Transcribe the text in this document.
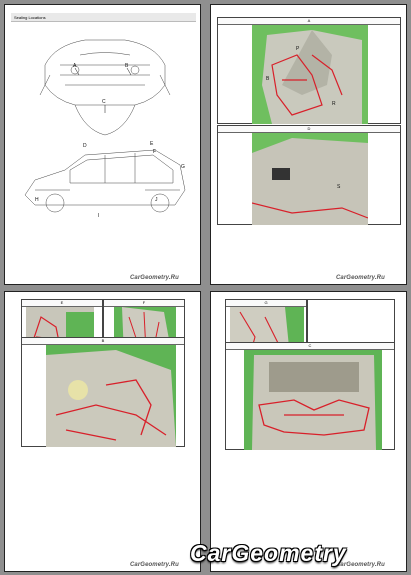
Sealing Locations
A	B
C
D	E
F
G
H
I
J
CarGeometry.Ru
A
P
B
R
D
S
CarGeometry.Ru
E	F
B
CarGeometry.Ru
G
C
CarGeometry.Ru
CarGeometry
